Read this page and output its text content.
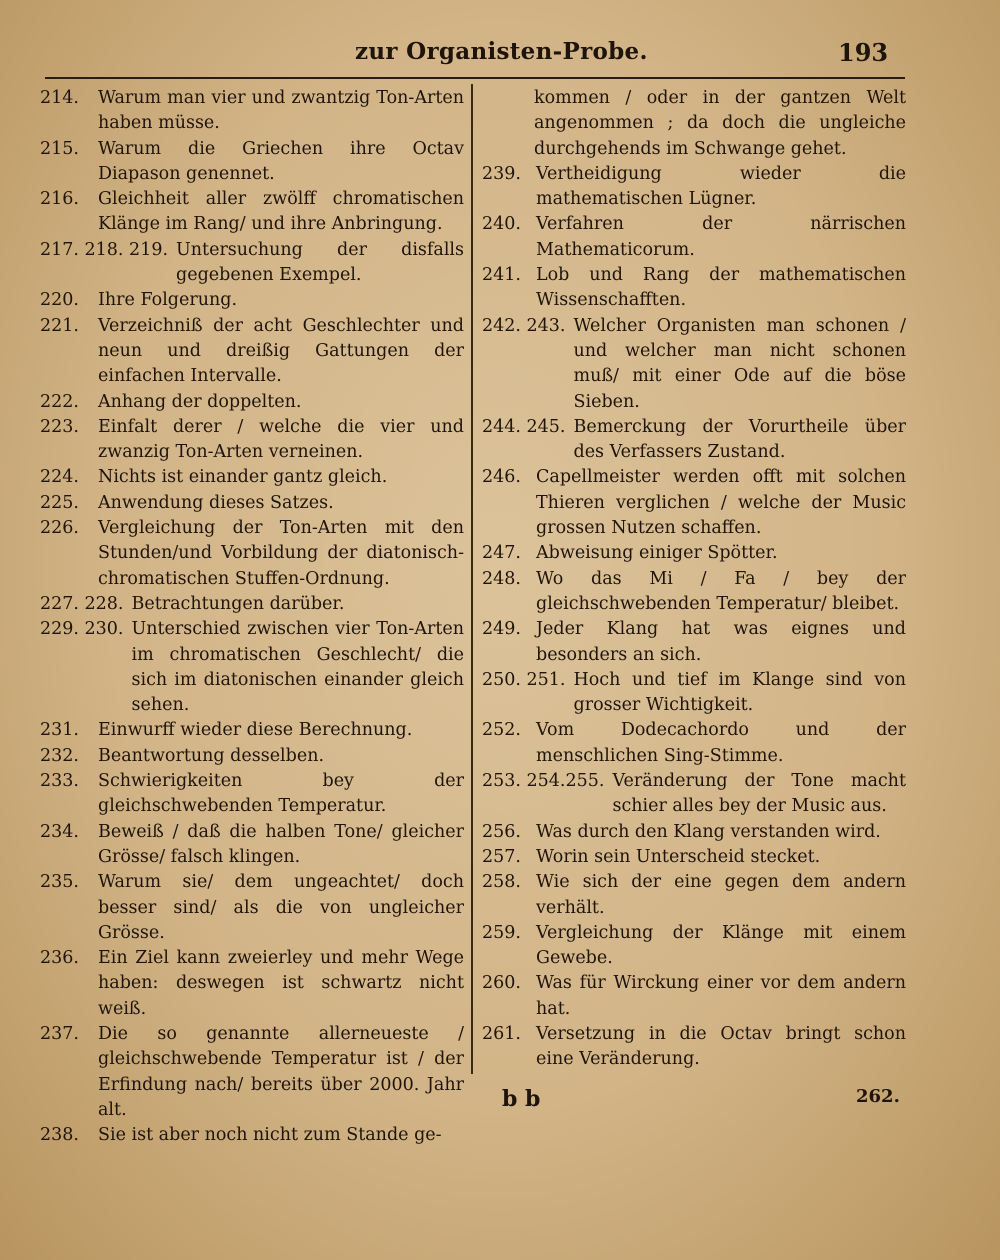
zur Organisten-Probe.	193
214.	Warum man vier und zwantzig Ton-Arten haben müsse.
215.	Warum die Griechen ihre Octav Diapason genennet.
216.	Gleichheit aller zwölff chromatischen Klänge im Rang/ und ihre Anbringung.
217. 218. 219. Untersuchung der disfalls gegebenen Exempel.
220.	Ihre Folgerung.
221.	Verzeichniß der acht Geschlechter und neun und dreißig Gattungen der einfachen Intervalle.
222.	Anhang der doppelten.
223.	Einfalt derer / welche die vier und zwanzig Ton-Arten verneinen.
224.	Nichts ist einander gantz gleich.
225.	Anwendung dieses Satzes.
226.	Vergleichung der Ton-Arten mit den Stunden/und Vorbildung der diatonisch-chromatischen Stuffen-Ordnung.
227. 228. Betrachtungen darüber.
229. 230. Unterschied zwischen vier Ton-Arten im chromatischen Geschlecht/ die sich im diatonischen einander gleich sehen.
231.	Einwurff wieder diese Berechnung.
232.	Beantwortung desselben.
233.	Schwierigkeiten bey der gleichschwebenden Temperatur.
234.	Beweiß / daß die halben Tone/ gleicher Grösse/ falsch klingen.
235.	Warum sie/ dem ungeachtet/ doch besser sind/ als die von ungleicher Grösse.
236.	Ein Ziel kann zweierley und mehr Wege haben: deswegen ist schwartz nicht weiß.
237.	Die so genannte allerneueste / gleichschwebende Temperatur ist / der Erfindung nach/ bereits über 2000. Jahr alt.
238.	Sie ist aber noch nicht zum Stande ge-
kommen / oder in der gantzen Welt angenommen ; da doch die ungleiche durchgehends im Schwange gehet.
239. Vertheidigung wieder die mathematischen Lügner.
240. Verfahren der närrischen Mathematicorum.
241. Lob und Rang der mathematischen Wissenschafften.
242. 243. Welcher Organisten man schonen / und welcher man nicht schonen muß/ mit einer Ode auf die böse Sieben.
244. 245. Bemerckung der Vorurtheile über des Verfassers Zustand.
246. Capellmeister werden offt mit solchen Thieren verglichen / welche der Music grossen Nutzen schaffen.
247. Abweisung einiger Spötter.
248. Wo das Mi / Fa / bey der gleichschwebenden Temperatur/ bleibet.
249. Jeder Klang hat was eignes und besonders an sich.
250. 251. Hoch und tief im Klange sind von grosser Wichtigkeit.
252. Vom Dodecachordo und der menschlichen Sing-Stimme.
253. 254.255. Veränderung der Tone macht schier alles bey der Music aus.
256. Was durch den Klang verstanden wird.
257. Worin sein Unterscheid stecket.
258. Wie sich der eine gegen dem andern verhält.
259. Vergleichung der Klänge mit einem Gewebe.
260. Was für Wirckung einer vor dem andern hat.
261. Versetzung in die Octav bringt schon eine Veränderung.
b b	262.
